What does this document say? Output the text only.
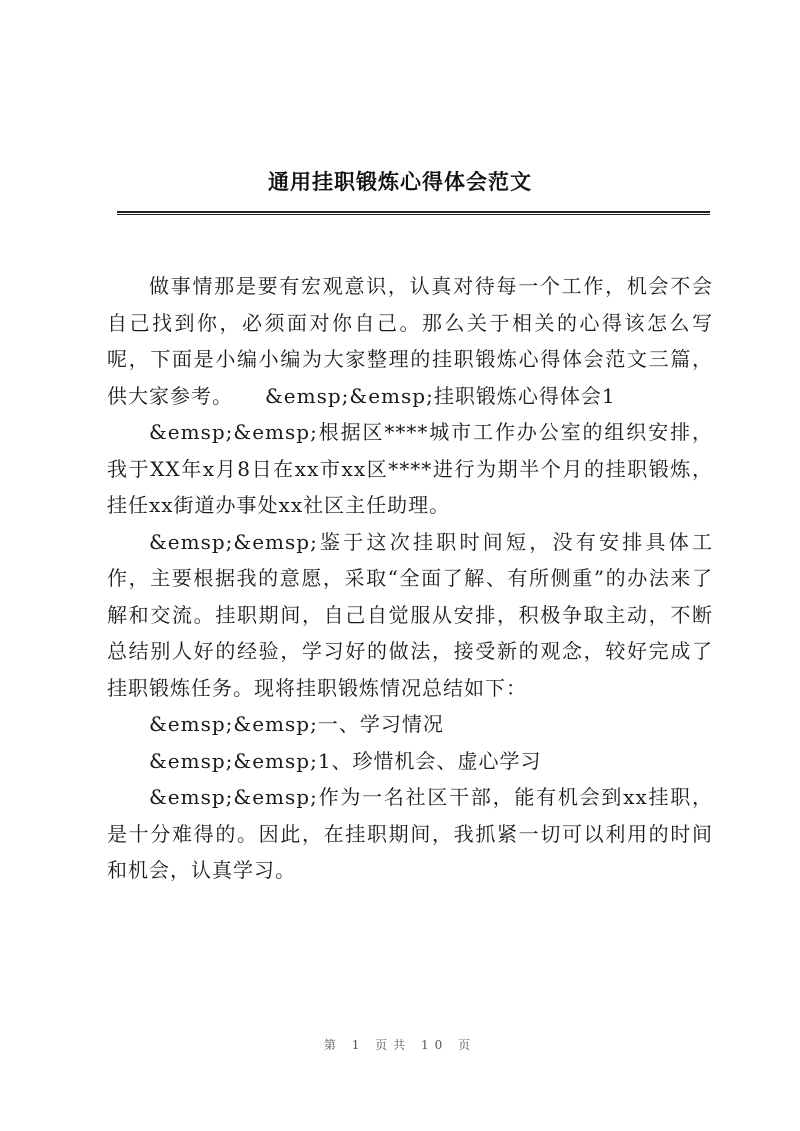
通用挂职锻炼心得体会范文

做事情那是要有宏观意识，认真对待每一个工作，机会不会自己找到你，必须面对你自己。那么关于相关的心得该怎么写呢，下面是小编小编为大家整理的挂职锻炼心得体会范文三篇，供大家参考。　　&emsp;&emsp;挂职锻炼心得体会1

&emsp;&emsp;根据区****城市工作办公室的组织安排，我于XX年x月8日在xx市xx区****进行为期半个月的挂职锻炼，挂任xx街道办事处xx社区主任助理。

&emsp;&emsp;鉴于这次挂职时间短，没有安排具体工作，主要根据我的意愿，采取“全面了解、有所侧重”的办法来了解和交流。挂职期间，自己自觉服从安排，积极争取主动，不断总结别人好的经验，学习好的做法，接受新的观念，较好完成了挂职锻炼任务。现将挂职锻炼情况总结如下：

&emsp;&emsp;一、学习情况

&emsp;&emsp;1、珍惜机会、虚心学习

&emsp;&emsp;作为一名社区干部，能有机会到xx挂职，是十分难得的。因此，在挂职期间，我抓紧一切可以利用的时间和机会，认真学习。

第 1 页共 10 页
